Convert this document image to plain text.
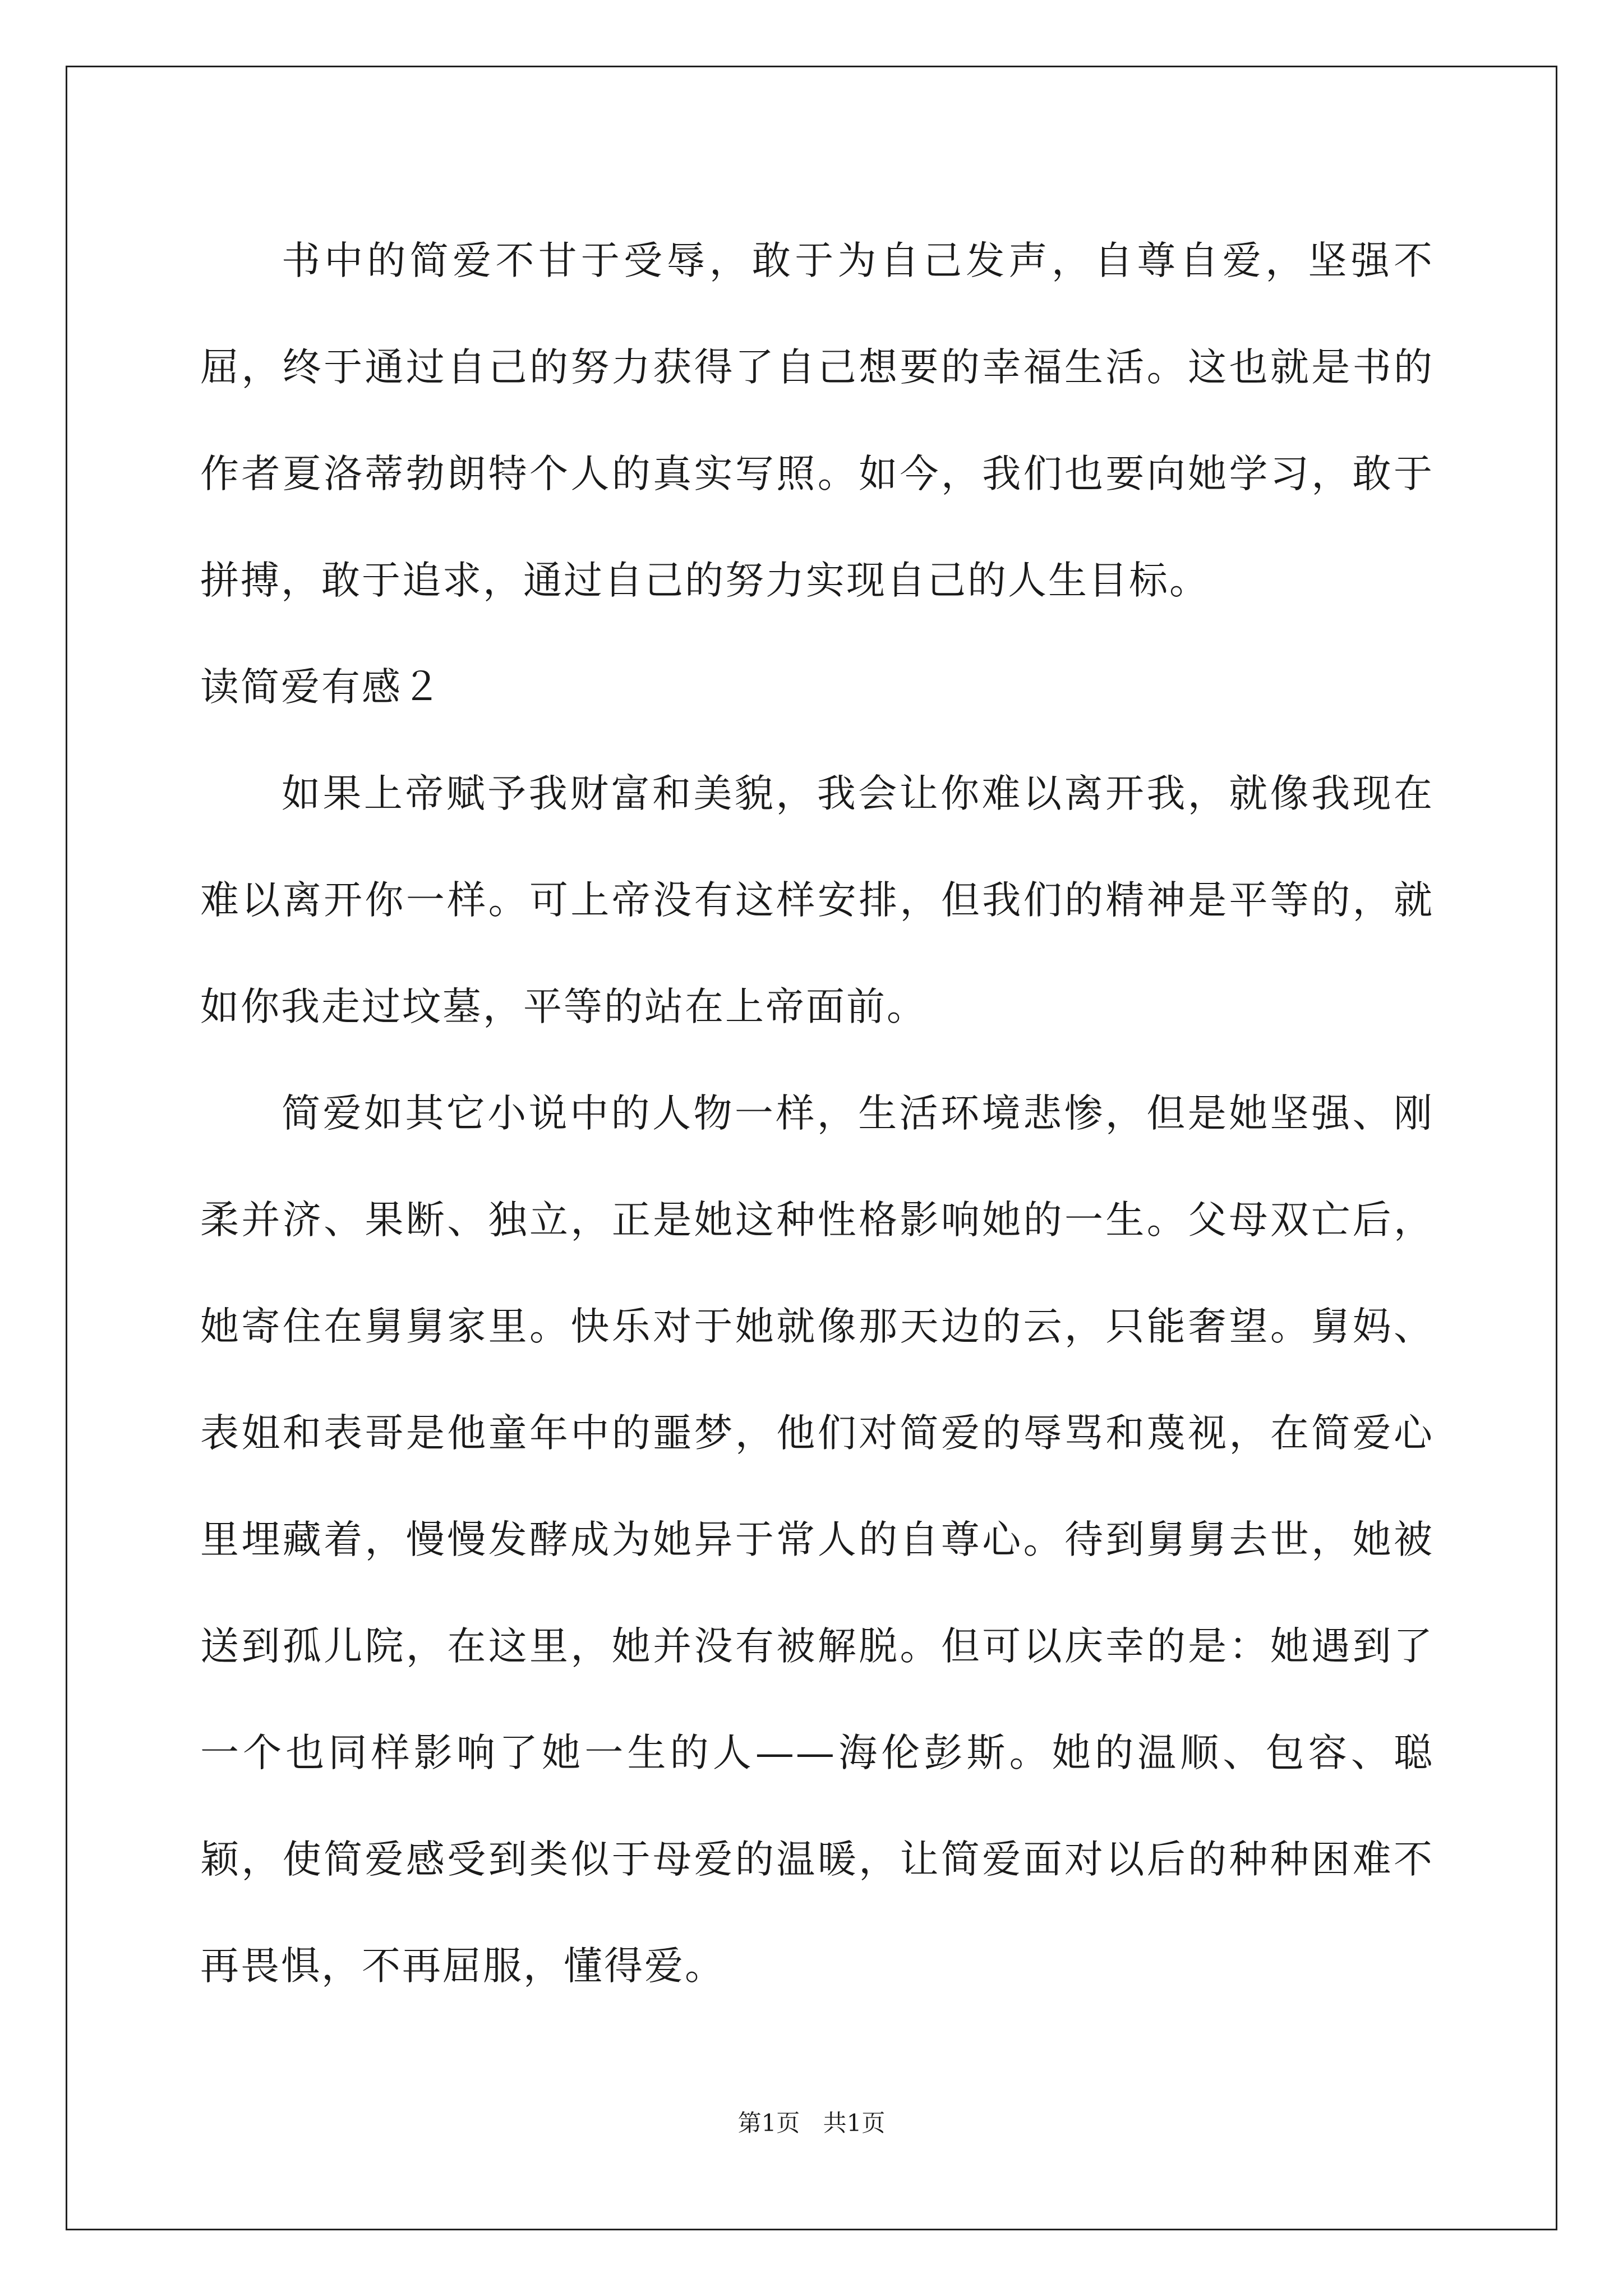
书中的简爱不甘于受辱，敢于为自己发声，自尊自爱，坚强不屈，终于通过自己的努力获得了自己想要的幸福生活。这也就是书的作者夏洛蒂勃朗特个人的真实写照。如今，我们也要向她学习，敢于拼搏，敢于追求，通过自己的努力实现自己的人生目标。

读简爱有感２

如果上帝赋予我财富和美貌，我会让你难以离开我，就像我现在难以离开你一样。可上帝没有这样安排，但我们的精神是平等的，就如你我走过坟墓，平等的站在上帝面前。

简爱如其它小说中的人物一样，生活环境悲惨，但是她坚强、刚柔并济、果断、独立，正是她这种性格影响她的一生。父母双亡后，她寄住在舅舅家里。快乐对于她就像那天边的云，只能奢望。舅妈、表姐和表哥是他童年中的噩梦，他们对简爱的辱骂和蔑视，在简爱心里埋藏着，慢慢发酵成为她异于常人的自尊心。待到舅舅去世，她被送到孤儿院，在这里，她并没有被解脱。但可以庆幸的是：她遇到了一个也同样影响了她一生的人——海伦彭斯。她的温顺、包容、聪颖，使简爱感受到类似于母爱的温暖，让简爱面对以后的种种困难不再畏惧，不再屈服，懂得爱。

第1页 共1页
